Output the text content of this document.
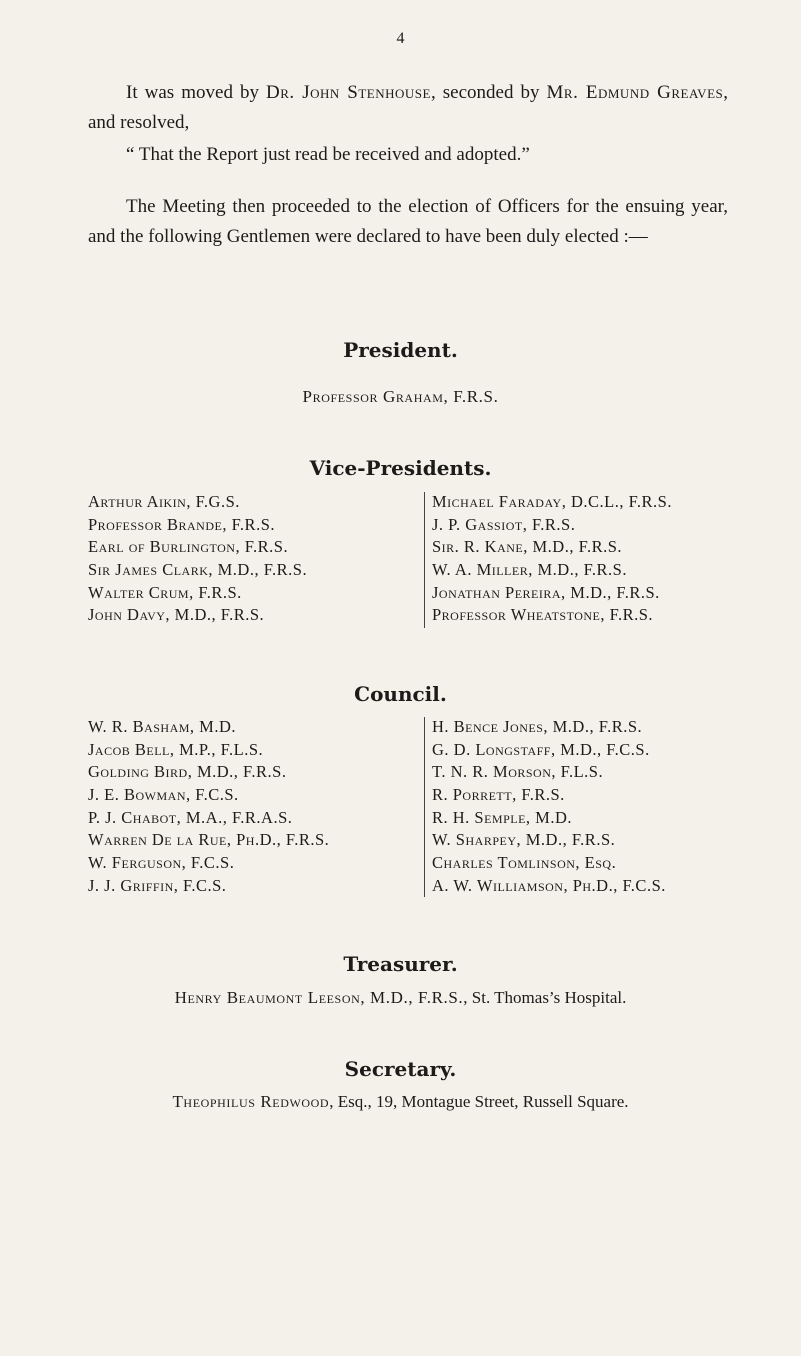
4
It was moved by Dr. John Stenhouse, seconded by Mr. Edmund Greaves, and resolved,
“ That the Report just read be received and adopted.”
The Meeting then proceeded to the election of Officers for the ensuing year, and the following Gentlemen were declared to have been duly elected :—
President.
Professor Graham, F.R.S.
Vice-Presidents.
Arthur Aikin, F.G.S.
Professor Brande, F.R.S.
Earl of Burlington, F.R.S.
Sir James Clark, M.D., F.R.S.
Walter Crum, F.R.S.
John Davy, M.D., F.R.S.
Michael Faraday, D.C.L., F.R.S.
J. P. Gassiot, F.R.S.
Sir. R. Kane, M.D., F.R.S.
W. A. Miller, M.D., F.R.S.
Jonathan Pereira, M.D., F.R.S.
Professor Wheatstone, F.R.S.
Council.
W. R. Basham, M.D.
Jacob Bell, M.P., F.L.S.
Golding Bird, M.D., F.R.S.
J. E. Bowman, F.C.S.
P. J. Chabot, M.A., F.R.A.S.
Warren De la Rue, Ph.D., F.R.S.
W. Ferguson, F.C.S.
J. J. Griffin, F.C.S.
H. Bence Jones, M.D., F.R.S.
G. D. Longstaff, M.D., F.C.S.
T. N. R. Morson, F.L.S.
R. Porrett, F.R.S.
R. H. Semple, M.D.
W. Sharpey, M.D., F.R.S.
Charles Tomlinson, Esq.
A. W. Williamson, Ph.D., F.C.S.
Treasurer.
Henry Beaumont Leeson, M.D., F.R.S., St. Thomas’s Hospital.
Secretary.
Theophilus Redwood, Esq., 19, Montague Street, Russell Square.
